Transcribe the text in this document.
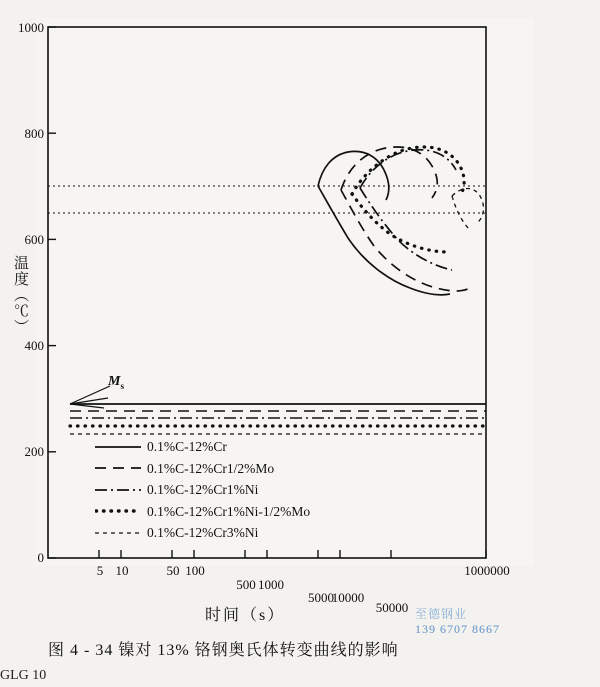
温度（℃）
时间（s）
1000
800
600
400
200
0
5 10	50 100
500 1000
5000
10000
50000
1000000
$M_s$
0.1%C-12%Cr
0.1%C-12%Cr1/2%Mo
0.1%C-12%Cr1%Ni
0.1%C-12%Cr1%Ni-1/2%Mo
0.1%C-12%Cr3%Ni
图 4 - 34 镍对 13% 铬钢奥氏体转变曲线的影响
GLG 10
至德钢业
139 6707 8667
